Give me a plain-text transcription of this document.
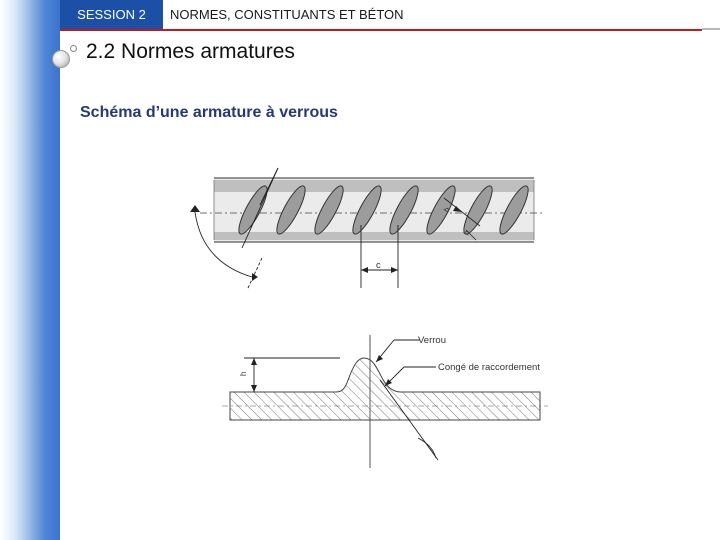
SESSION 2	NORMES, CONSTITUANTS ET BÉTON
2.2 Normes armatures
Schéma d’une armature à verrous
c
h
h
h
Verrou
Congé de raccordement
